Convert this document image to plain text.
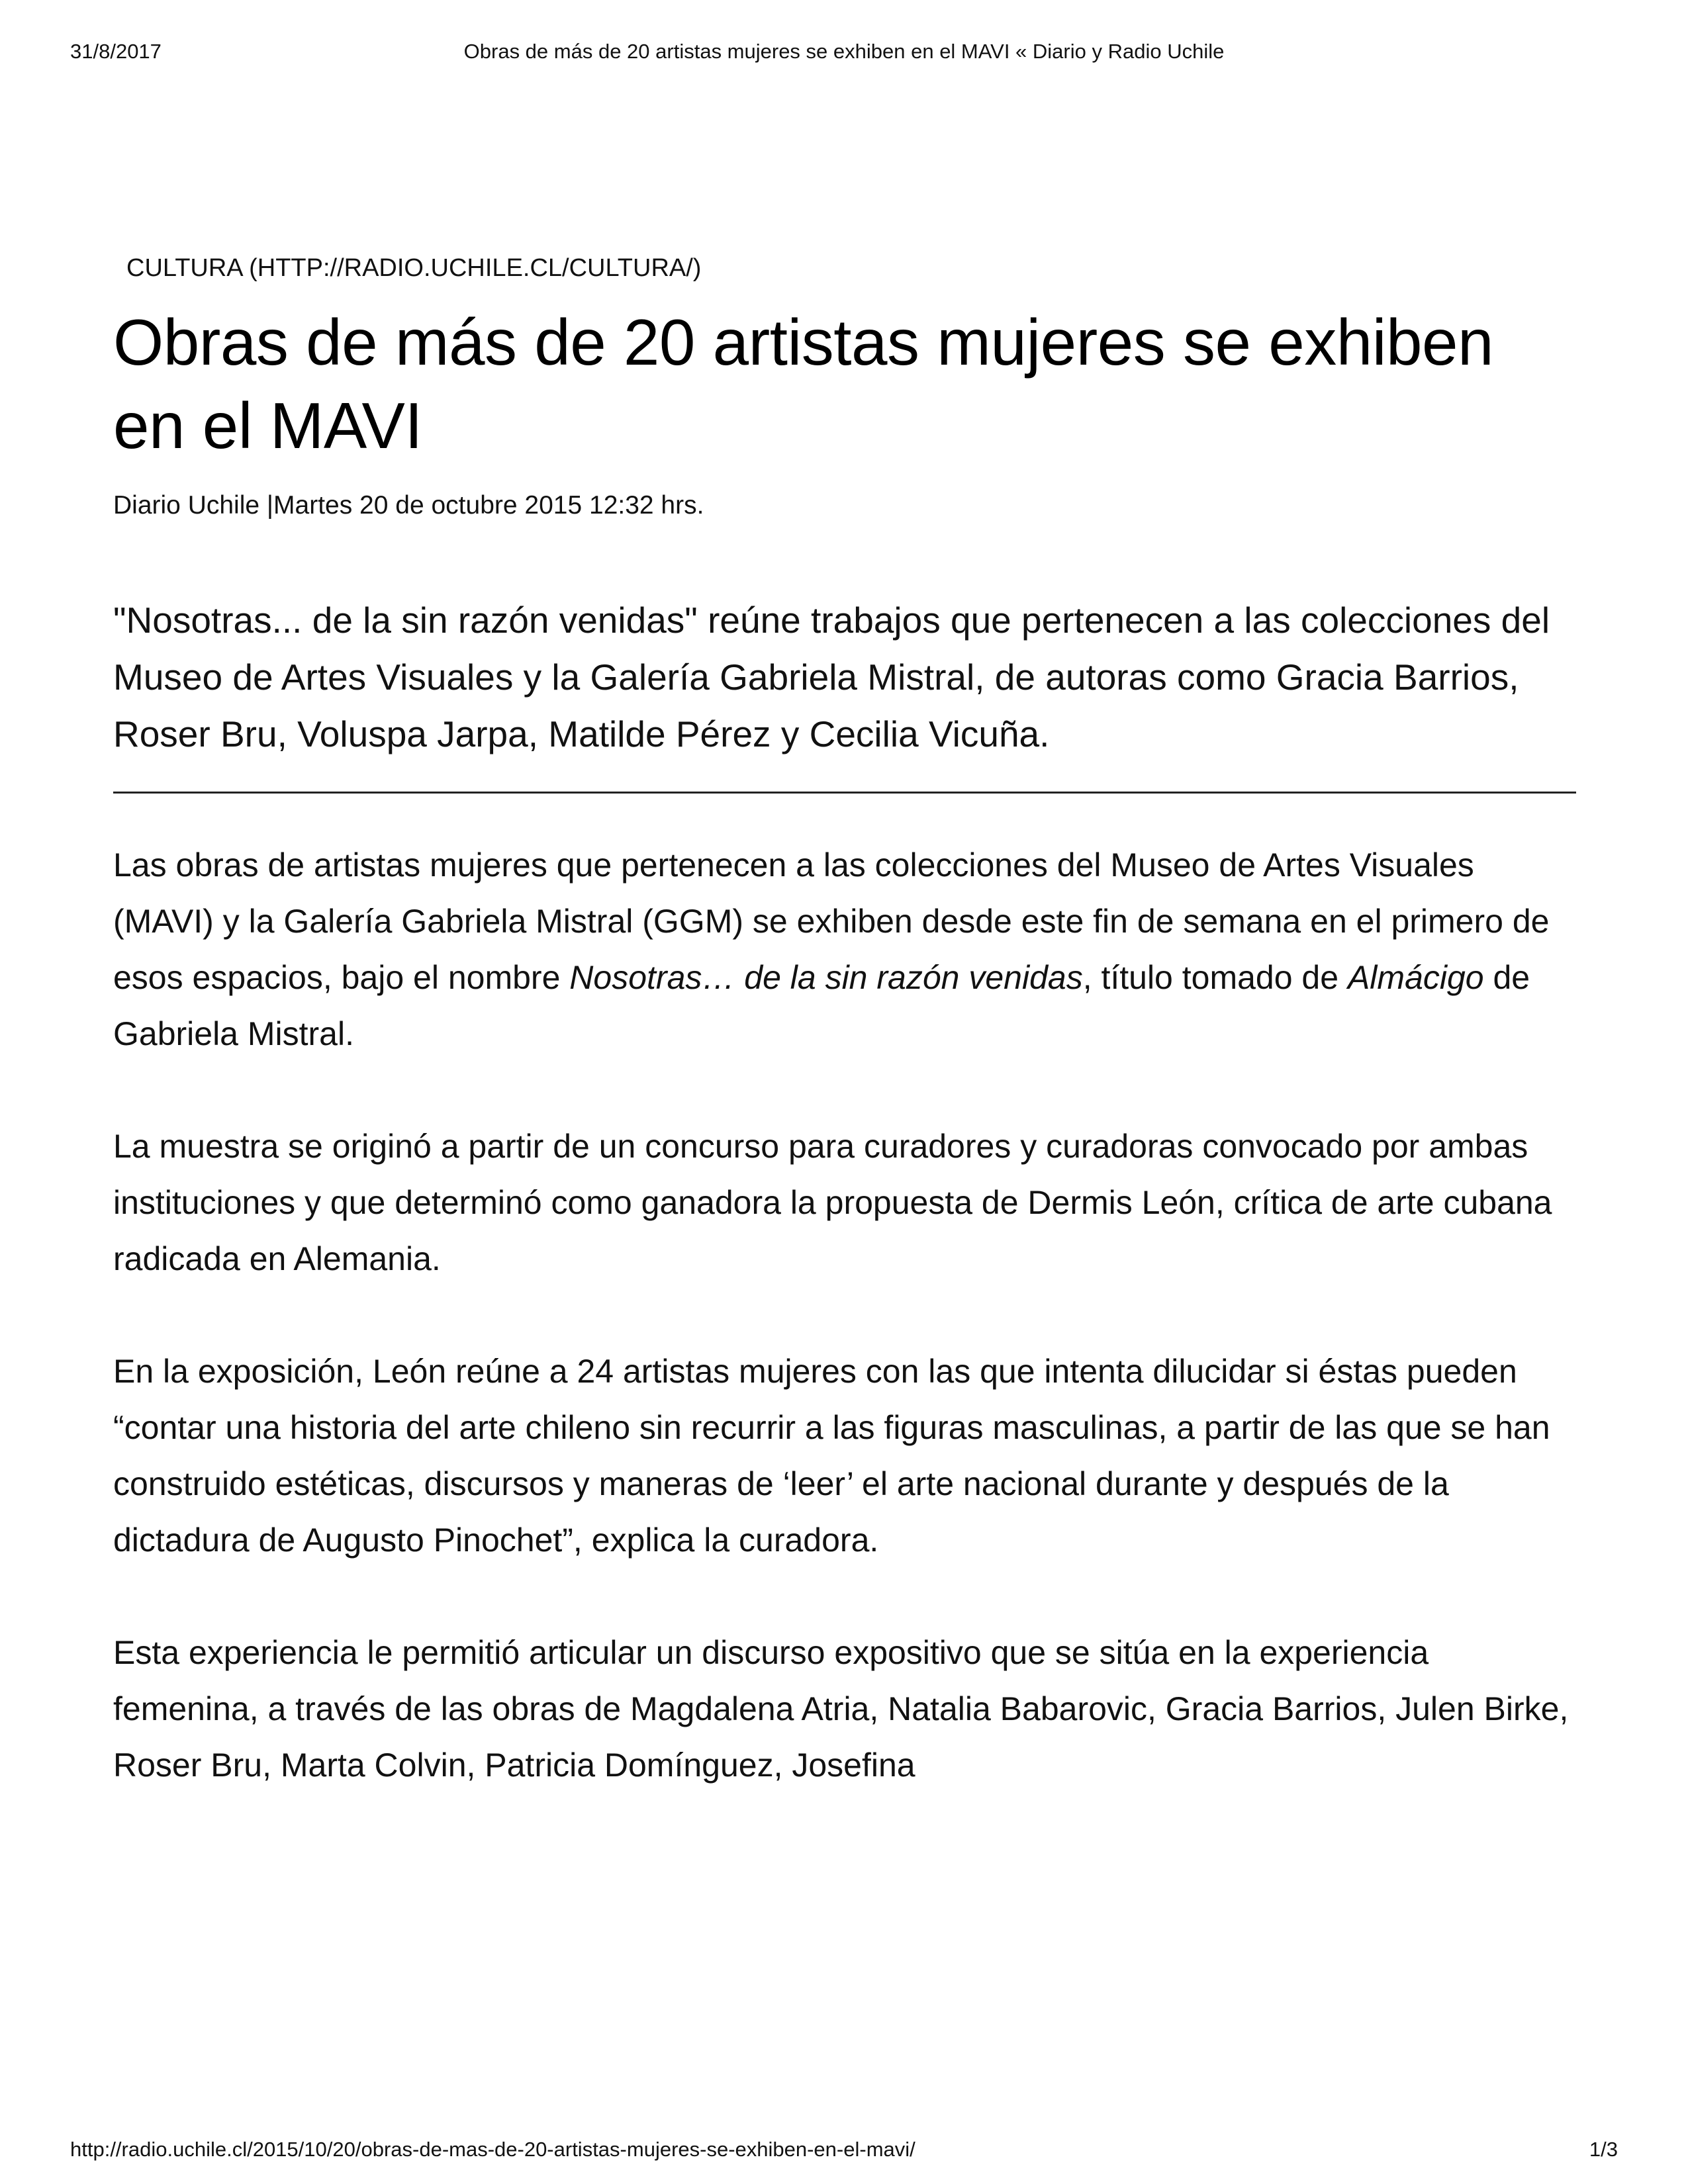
Obras de más de 20 artistas mujeres se exhiben en el MAVI « Diario y Radio Uchile
31/8/2017
CULTURA (HTTP://RADIO.UCHILE.CL/CULTURA/)
Obras de más de 20 artistas mujeres se exhiben en el MAVI
Diario Uchile |Martes 20 de octubre 2015 12:32 hrs.
"Nosotras... de la sin razón venidas" reúne trabajos que pertenecen a las colecciones del Museo de Artes Visuales y la Galería Gabriela Mistral, de autoras como Gracia Barrios, Roser Bru, Voluspa Jarpa, Matilde Pérez y Cecilia Vicuña.

Las obras de artistas mujeres que pertenecen a las colecciones del Museo de Artes Visuales (MAVI) y la Galería Gabriela Mistral (GGM) se exhiben desde este fin de semana en el primero de esos espacios, bajo el nombre Nosotras… de la sin razón venidas, título tomado de Almácigo de Gabriela Mistral.

La muestra se originó a partir de un concurso para curadores y curadoras convocado por ambas instituciones y que determinó como ganadora la propuesta de Dermis León, crítica de arte cubana radicada en Alemania.

En la exposición, León reúne a 24 artistas mujeres con las que intenta dilucidar si éstas pueden “contar una historia del arte chileno sin recurrir a las figuras masculinas, a partir de las que se han construido estéticas, discursos y maneras de ‘leer’ el arte nacional durante y después de la dictadura de Augusto Pinochet”, explica la curadora.

Esta experiencia le permitió articular un discurso expositivo que se sitúa en la experiencia femenina, a través de las obras de Magdalena Atria, Natalia Babarovic, Gracia Barrios, Julen Birke, Roser Bru, Marta Colvin, Patricia Domínguez, Josefina

http://radio.uchile.cl/2015/10/20/obras-de-mas-de-20-artistas-mujeres-se-exhiben-en-el-mavi/	1/3
